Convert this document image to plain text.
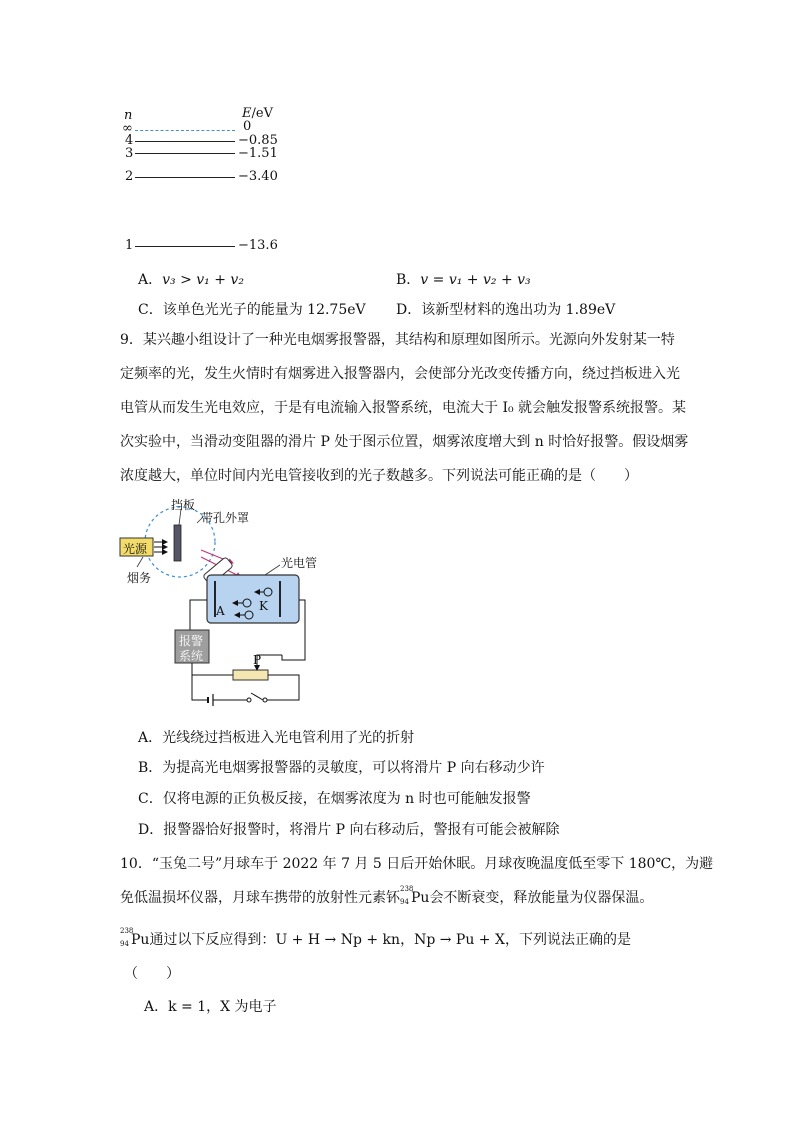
n	E/eV
∞	0
4	−0.85
3	−1.51
2	−3.40
1	−13.6
A．v₃ > v₁ + v₂	B．v = v₁ + v₂ + v₃
C．该单色光光子的能量为 12.75eV D．该新型材料的逸出功为 1.89eV
9．某兴趣小组设计了一种光电烟雾报警器，其结构和原理如图所示。光源向外发射某一特
定频率的光，发生火情时有烟雾进入报警器内，会使部分光改变传播方向，绕过挡板进入光
电管从而发生光电效应，于是有电流输入报警系统，电流大于 I₀ 就会触发报警系统报警。某
次实验中，当滑动变阻器的滑片 P 处于图示位置，烟雾浓度增大到 n 时恰好报警。假设烟雾
浓度越大，单位时间内光电管接收到的光子数越多。下列说法可能正确的是（　　）
光源
挡板
带孔外罩
烟务
光电管
A	K
报警
系统	P
A．光线绕过挡板进入光电管利用了光的折射
B．为提高光电烟雾报警器的灵敏度，可以将滑片 P 向右移动少许
C．仅将电源的正负极反接，在烟雾浓度为 n 时也可能触发报警
D．报警器恰好报警时，将滑片 P 向右移动后，警报有可能会被解除
10．“玉兔二号”月球车于 2022 年 7 月 5 日后开始休眠。月球夜晚温度低至零下 180℃，为避
免低温损坏仪器，月球车携带的放射性元素钚
238
94 Pu会不断衰变，释放能量为仪器保温。
238
94 Pu通过以下反应得到：U + H → Np + kn，Np → Pu + X，下列说法正确的是
（　　）
A．k = 1，X 为电子
